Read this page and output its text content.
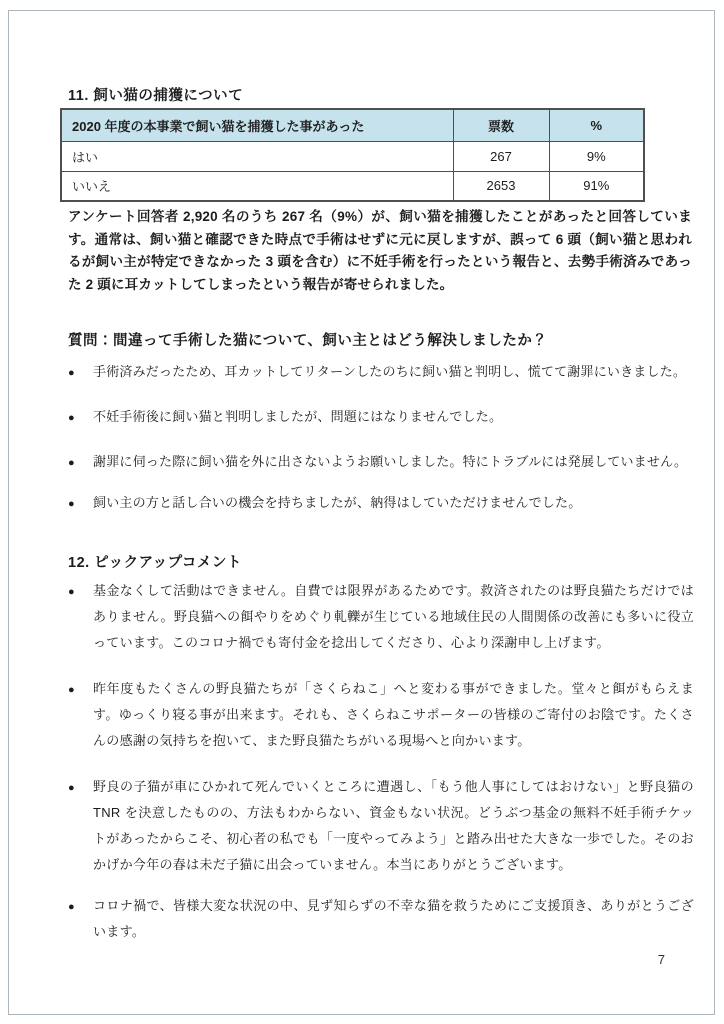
11. 飼い猫の捕獲について
2020 年度の本事業で飼い猫を捕獲した事があった	票数	%
はい	267	9%
いいえ	2653	91%
アンケート回答者 2,920 名のうち 267 名（9%）が、飼い猫を捕獲したことがあったと回答しています。通常は、飼い猫と確認できた時点で手術はせずに元に戻しますが、誤って 6 頭（飼い猫と思われるが飼い主が特定できなかった 3 頭を含む）に不妊手術を行ったという報告と、去勢手術済みであった 2 頭に耳カットしてしまったという報告が寄せられました。
質問：間違って手術した猫について、飼い主とはどう解決しましたか？
●	手術済みだったため、耳カットしてリターンしたのちに飼い猫と判明し、慌てて謝罪にいきました。
●	不妊手術後に飼い猫と判明しましたが、問題にはなりませんでした。
●	謝罪に伺った際に飼い猫を外に出さないようお願いしました。特にトラブルには発展していません。
●	飼い主の方と話し合いの機会を持ちましたが、納得はしていただけませんでした。
12. ピックアップコメント
●	基金なくして活動はできません。自費では限界があるためです。救済されたのは野良猫たちだけではありません。野良猫への餌やりをめぐり軋轢が生じている地域住民の人間関係の改善にも多いに役立っています。このコロナ禍でも寄付金を捻出してくださり、心より深謝申し上げます。
●	昨年度もたくさんの野良猫たちが「さくらねこ」へと変わる事ができました。堂々と餌がもらえます。ゆっくり寝る事が出来ます。それも、さくらねこサポーターの皆様のご寄付のお陰です。たくさんの感謝の気持ちを抱いて、また野良猫たちがいる現場へと向かいます。
●	野良の子猫が車にひかれて死んでいくところに遭遇し、「もう他人事にしてはおけない」と野良猫の TNR を決意したものの、方法もわからない、資金もない状況。どうぶつ基金の無料不妊手術チケットがあったからこそ、初心者の私でも「一度やってみよう」と踏み出せた大きな一歩でした。そのおかげか今年の春は未だ子猫に出会っていません。本当にありがとうございます。
●	コロナ禍で、皆様大変な状況の中、見ず知らずの不幸な猫を救うためにご支援頂き、ありがとうございます。
7
